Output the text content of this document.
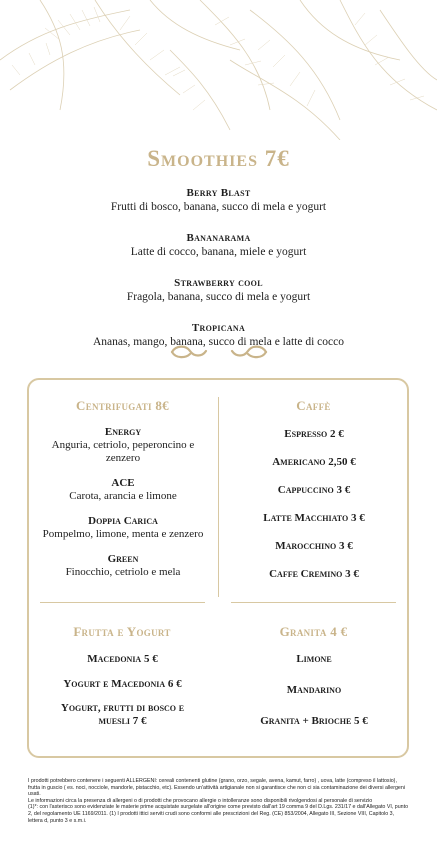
Smoothies 7€
Berry Blast
Frutti di bosco, banana, succo di mela e yogurt
Bananarama
Latte di cocco, banana, miele e yogurt
Strawberry cool
Fragola, banana, succo di mela e yogurt
Tropicana
Ananas, mango, banana, succo di mela e latte di cocco
Centrifugati 8€
Energy
Anguria, cetriolo, peperoncino e zenzero
ACE
Carota, arancia e limone
Doppia Carica
Pompelmo, limone, menta e zenzero
Green
Finocchio, cetriolo e mela
Caffè
Espresso 2 €
Americano 2,50 €
Cappuccino 3 €
Latte Macchiato 3 €
Marocchino 3 €
Caffe Cremino 3 €
Frutta e Yogurt
Macedonia 5 €
Yogurt e Macedonia 6 €
Yogurt, frutti di bosco e muesli 7 €
Granita 4 €
Limone
Mandarino
Granita + Brioche 5 €

I prodotti potrebbero contenere i seguenti ALLERGENI: cereali contenenti glutine (grano, orzo, segale, avena, kamut, farro) , uova, latte (compreso il lattosio), frutta in guscio ( es. noci, nocciole, mandorle, pistacchio, etc). Essendo un'attività artigianale non si garantisce che non ci sia contaminazione dei diversi allergeni usati.

Le informazioni circa la presenza di allergeni o di prodotti che provocano allergie o intolleranze sono disponibili rivolgendosi al personale di servizio

(1)*: con l'asterisco sono evidenziate le materie prime acquistate surgelate all'origine come previsto dall'art 19 comma 9 del D.Lgs. 231/17 e dall'Allegato VI, punto 2, del regolamento UE 1169/2011. (1) I prodotti ittici serviti crudi sono conformi alle prescrizioni del Reg. (CE) 853/2004, Allegato III, Sezione VIII, Capitolo 3, lettera d, punto 3 e s.m.i.
